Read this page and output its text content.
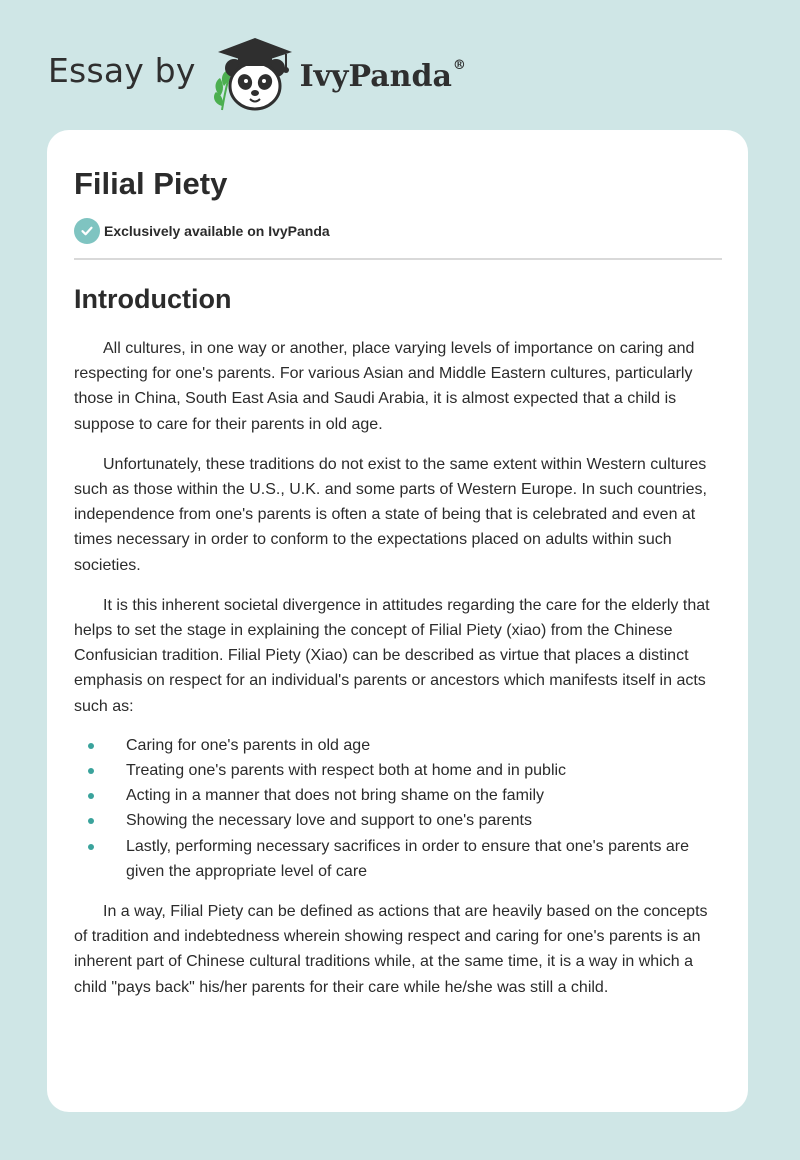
Essay by	IvyPanda®
Filial Piety
Exclusively available on IvyPanda
Introduction

All cultures, in one way or another, place varying levels of importance on caring and respecting for one's parents. For various Asian and Middle Eastern cultures, particularly those in China, South East Asia and Saudi Arabia, it is almost expected that a child is suppose to care for their parents in old age.

Unfortunately, these traditions do not exist to the same extent within Western cultures such as those within the U.S., U.K. and some parts of Western Europe. In such countries, independence from one's parents is often a state of being that is celebrated and even at times necessary in order to conform to the expectations placed on adults within such societies.

It is this inherent societal divergence in attitudes regarding the care for the elderly that helps to set the stage in explaining the concept of Filial Piety (xiao) from the Chinese Confusician tradition. Filial Piety (Xiao) can be described as virtue that places a distinct emphasis on respect for an individual's parents or ancestors which manifests itself in acts such as:

Caring for one's parents in old age
Treating one's parents with respect both at home and in public
Acting in a manner that does not bring shame on the family
Showing the necessary love and support to one's parents
Lastly, performing necessary sacrifices in order to ensure that one's parents are given the appropriate level of care

In a way, Filial Piety can be defined as actions that are heavily based on the concepts of tradition and indebtedness wherein showing respect and caring for one's parents is an inherent part of Chinese cultural traditions while, at the same time, it is a way in which a child "pays back" his/her parents for their care while he/she was still a child.
